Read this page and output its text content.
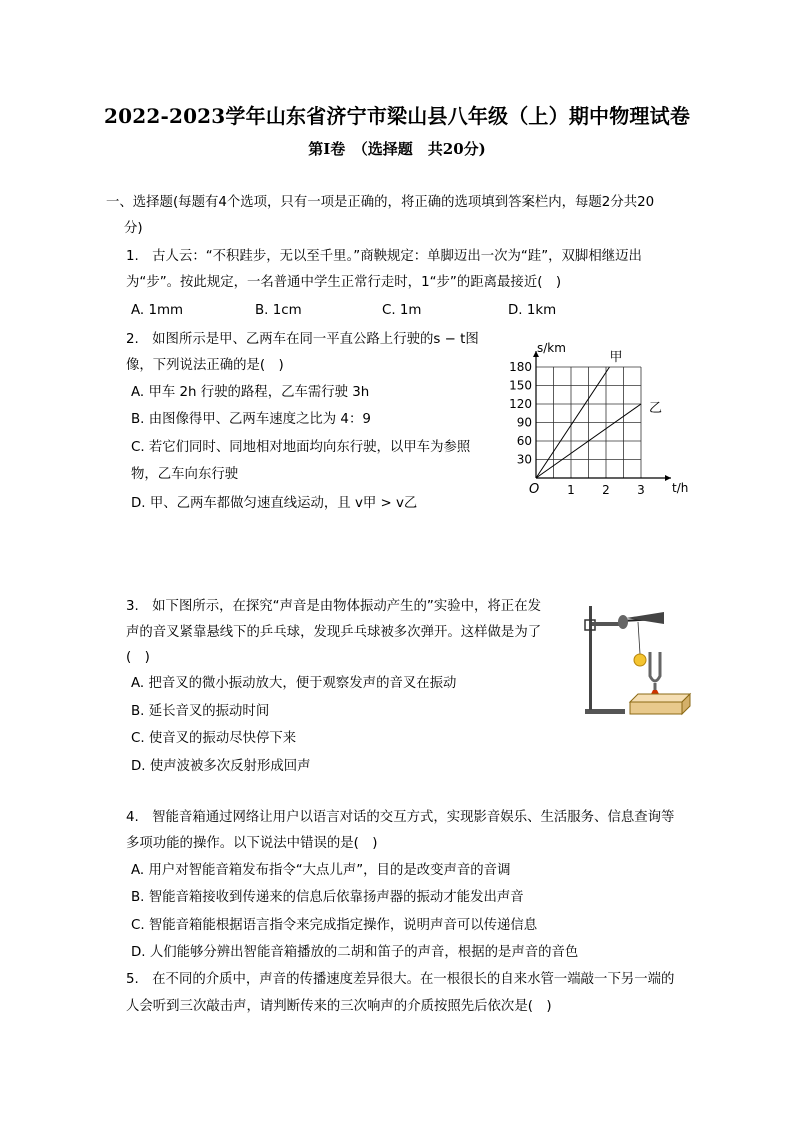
2022-2023学年山东省济宁市梁山县八年级（上）期中物理试卷
第Ⅰ卷　（选择题　共20分)
一、选择题(每题有4个选项，只有一项是正确的，将正确的选项填到答案栏内，每题2分共20
分)
1.　古人云：“不积跬步，无以至千里。”商鞅规定：单脚迈出一次为“跬”，双脚相继迈出
为“步”。按此规定，一名普通中学生正常行走时，1“步”的距离最接近(　)
A. 1mm	B. 1cm	C. 1m	D. 1km
2.　如图所示是甲、乙两车在同一平直公路上行驶的s − t图
像，下列说法正确的是(　)
A. 甲车 2h 行驶的路程，乙车需行驶 3h
B. 由图像得甲、乙两车速度之比为 4：9
C. 若它们同时、同地相对地面均向东行驶，以甲车为参照
物，乙车向东行驶
D. 甲、乙两车都做匀速直线运动，且 v甲 > v乙
甲
乙
30
60
90
120
150
180
1 2 3
s/km
t/h
O
3.　如下图所示，在探究“声音是由物体振动产生的”实验中，将正在发
声的音叉紧靠悬线下的乒乓球，发现乒乓球被多次弹开。这样做是为了
(　)
A. 把音叉的微小振动放大，便于观察发声的音叉在振动
B. 延长音叉的振动时间
C. 使音叉的振动尽快停下来
D. 使声波被多次反射形成回声
4.　智能音箱通过网络让用户以语言对话的交互方式，实现影音娱乐、生活服务、信息查询等
多项功能的操作。以下说法中错误的是(　)
A. 用户对智能音箱发布指令“大点儿声”，目的是改变声音的音调
B. 智能音箱接收到传递来的信息后依靠扬声器的振动才能发出声音
C. 智能音箱能根据语言指令来完成指定操作，说明声音可以传递信息
D. 人们能够分辨出智能音箱播放的二胡和笛子的声音，根据的是声音的音色
5.　在不同的介质中，声音的传播速度差异很大。在一根很长的自来水管一端敲一下另一端的
人会听到三次敲击声，请判断传来的三次响声的介质按照先后依次是(　)
